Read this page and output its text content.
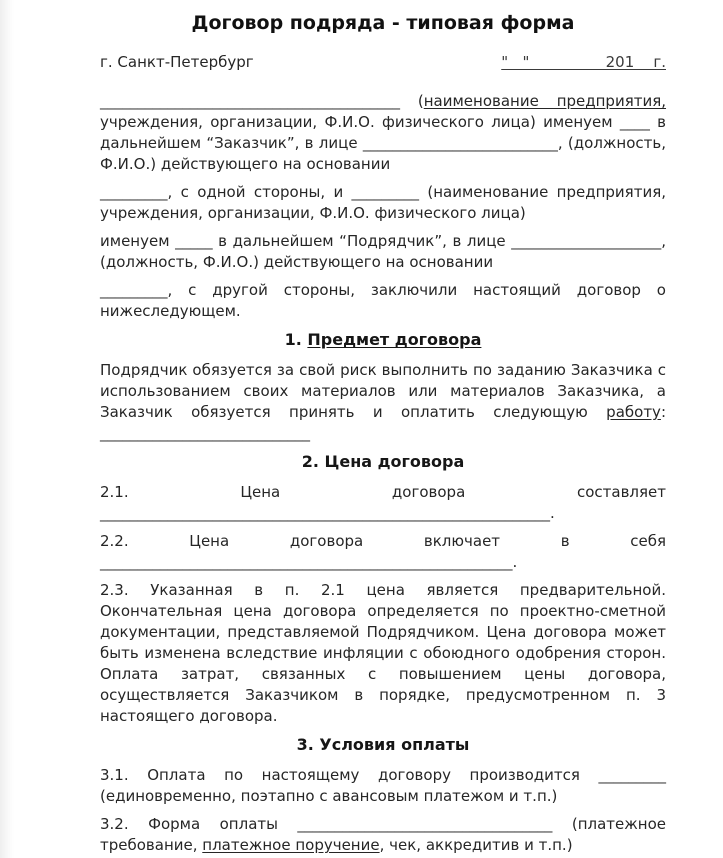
Договор подряда - типовая форма
г. Санкт-Петербург	"   "                201    г.

________________________________________ (наименование предприятия, учреждения, организации, Ф.И.О. физического лица) именуем ____ в дальнейшем “Заказчик”, в лице __________________________, (должность, Ф.И.О.) действующего на основании

_________, с одной стороны, и _________ (наименование предприятия, учреждения, организации, Ф.И.О. физического лица)

именуем _____ в дальнейшем “Подрядчик”, в лице ____________________, (должность, Ф.И.О.) действующего на основании

_________, с другой стороны, заключили настоящий договор о нижеследующем.

1. Предмет договора

Подрядчик обязуется за свой риск выполнить по заданию Заказчика с использованием своих материалов или материалов Заказчика, а Заказчик обязуется принять и оплатить следующую работу: ____________________________

2. Цена договора

2.1. Цена договора составляет ____________________________________________________________.

2.2. Цена договора включает в себя _______________________________________________________.

2.3. Указанная в п. 2.1 цена является предварительной. Окончательная цена договора определяется по проектно-сметной документации, представляемой Подрядчиком. Цена договора может быть изменена вследствие инфляции с обоюдного одобрения сторон. Оплата затрат, связанных с повышением цены договора, осуществляется Заказчиком в порядке, предусмотренном п. 3 настоящего договора.

3. Условия оплаты

3.1. Оплата по настоящему договору производится _________ (единовременно, поэтапно с авансовым платежом и т.п.)

3.2. Форма оплаты __________________________________ (платежное требование, платежное поручение, чек, аккредитив и т.п.)
